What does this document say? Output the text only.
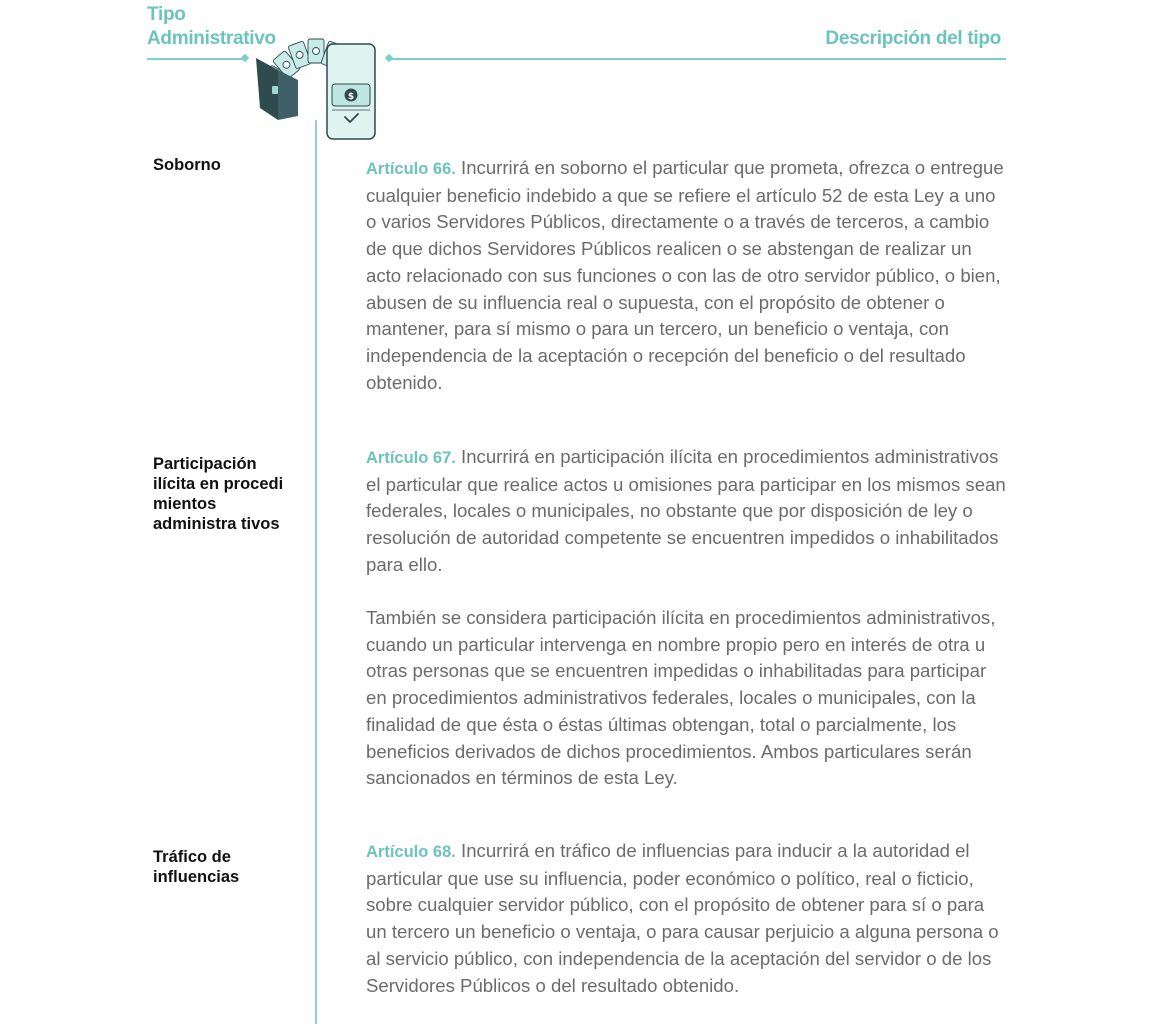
Tipo
Administrativo	Descripción del tipo
$
Soborno	Artículo 66. Incurrirá en soborno el particular que prometa, ofrezca o entregue cualquier beneficio indebido a que se refiere el artículo 52 de esta Ley a uno o varios Servidores Públicos, directamente o a través de terceros, a cambio de que dichos Servidores Públicos realicen o se abstengan de realizar un acto relacionado con sus funciones o con las de otro servidor público, o bien, abusen de su influencia real o supuesta, con el propósito de obtener o mantener, para sí mismo o para un tercero, un beneficio o ventaja, con independencia de la aceptación o recepción del beneficio o del resultado obtenido.

Participación ilícita en procedi mientos administra tivos

Artículo 67. Incurrirá en participación ilícita en procedimientos administrativos el particular que realice actos u omisiones para participar en los mismos sean federales, locales o municipales, no obstante que por disposición de ley o resolución de autoridad competente se encuentren impedidos o inhabilitados para ello.

También se considera participación ilícita en procedimientos administrativos, cuando un particular intervenga en nombre propio pero en interés de otra u otras personas que se encuentren impedidas o inhabilitadas para participar en procedimientos administrativos federales, locales o municipales, con la finalidad de que ésta o éstas últimas obtengan, total o parcialmente, los beneficios derivados de dichos procedimientos. Ambos particulares serán sancionados en términos de esta Ley.

Tráfico de influencias

Artículo 68. Incurrirá en tráfico de influencias para inducir a la autoridad el particular que use su influencia, poder económico o político, real o ficticio, sobre cualquier servidor público, con el propósito de obtener para sí o para un tercero un beneficio o ventaja, o para causar perjuicio a alguna persona o al servicio público, con independencia de la aceptación del servidor o de los Servidores Públicos o del resultado obtenido.
